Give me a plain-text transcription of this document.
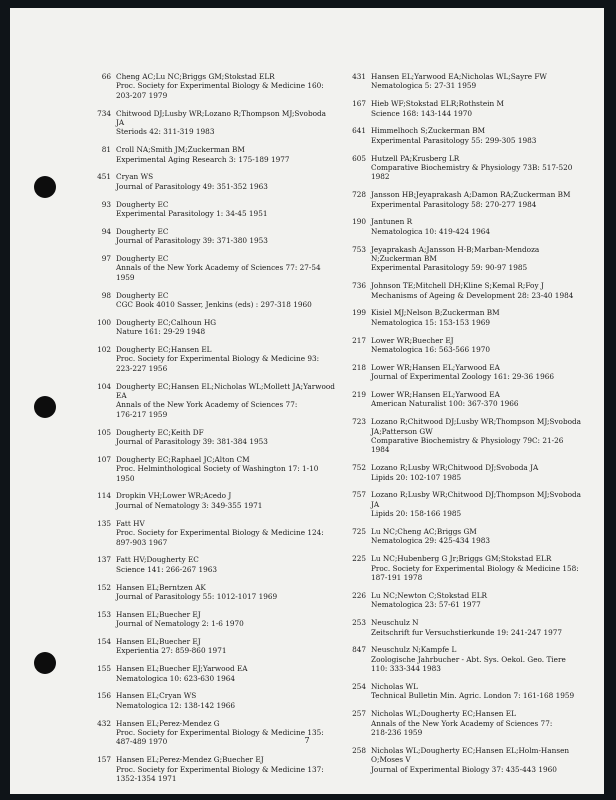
66 Cheng AC;Lu NC;Briggs GM;Stokstad ELR
Proc. Society for Experimental Biology & Medicine 160:
203-207 1979
734 Chitwood DJ;Lusby WR;Lozano R;Thompson MJ;Svoboda
JA
Steriods 42: 311-319 1983
81 Croll NA;Smith JM;Zuckerman BM
Experimental Aging Research 3: 175-189 1977
451 Cryan WS
Journal of Parasitology 49: 351-352 1963
93 Dougherty EC
Experimental Parasitology 1: 34-45 1951
94 Dougherty EC
Journal of Parasitology 39: 371-380 1953
97 Dougherty EC
Annals of the New York Academy of Sciences 77: 27-54
1959
98 Dougherty EC
CGC Book 4010 Sasser, Jenkins (eds) : 297-318 1960
100 Dougherty EC;Calhoun HG
Nature 161: 29-29 1948
102 Dougherty EC;Hansen EL
Proc. Society for Experimental Biology & Medicine 93:
223-227 1956
104 Dougherty EC;Hansen EL;Nicholas WL;Mollett JA;Yarwood
EA
Annals of the New York Academy of Sciences 77:
176-217 1959
105 Dougherty EC;Keith DF
Journal of Parasitology 39: 381-384 1953
107 Dougherty EC;Raphael JC;Alton CM
Proc. Helminthological Society of Washington 17: 1-10
1950
114 Dropkin VH;Lower WR;Acedo J
Journal of Nematology 3: 349-355 1971
135 Fatt HV
Proc. Society for Experimental Biology & Medicine 124:
897-903 1967
137 Fatt HV;Dougherty EC
Science 141: 266-267 1963
152 Hansen EL;Berntzen AK
Journal of Parasitology 55: 1012-1017 1969
153 Hansen EL;Buecher EJ
Journal of Nematology 2: 1-6 1970
154 Hansen EL;Buecher EJ
Experientia 27: 859-860 1971
155 Hansen EL;Buecher EJ;Yarwood EA
Nematologica 10: 623-630 1964
156 Hansen EL;Cryan WS
Nematologica 12: 138-142 1966
432 Hansen EL;Perez-Mendez G
Proc. Society for Experimental Biology & Medicine 135:
487-489 1970
157 Hansen EL;Perez-Mendez G;Buecher EJ
Proc. Society for Experimental Biology & Medicine 137:
1352-1354 1971
431 Hansen EL;Yarwood EA;Nicholas WL;Sayre FW
Nematologica 5: 27-31 1959
167 Hieb WF;Stokstad ELR;Rothstein M
Science 168: 143-144 1970
641 Himmelhoch S;Zuckerman BM
Experimental Parasitology 55: 299-305 1983
605 Hutzell PA;Krusberg LR
Comparative Biochemistry & Physiology 73B: 517-520
1982
728 Jansson HB;Jeyaprakash A;Damon RA;Zuckerman BM
Experimental Parasitology 58: 270-277 1984
190 Jantunen R
Nematologica 10: 419-424 1964
753 Jeyaprakash A;Jansson H-B;Marban-Mendoza
N;Zuckerman BM
Experimental Parasitology 59: 90-97 1985
736 Johnson TE;Mitchell DH;Kline S;Kemal R;Foy J
Mechanisms of Ageing & Development 28: 23-40 1984
199 Kisiel MJ;Nelson B;Zuckerman BM
Nematologica 15: 153-153 1969
217 Lower WR;Buecher EJ
Nematologica 16: 563-566 1970
218 Lower WR;Hansen EL;Yarwood EA
Journal of Experimental Zoology 161: 29-36 1966
219 Lower WR;Hansen EL;Yarwood EA
American Naturalist 100: 367-370 1966
723 Lozano R;Chitwood DJ;Lusby WR;Thompson MJ;Svoboda
JA;Patterson GW
Comparative Biochemistry & Physiology 79C: 21-26
1984
752 Lozano R;Lusby WR;Chitwood DJ;Svoboda JA
Lipids 20: 102-107 1985
757 Lozano R;Lusby WR;Chitwood DJ;Thompson MJ;Svoboda
JA
Lipids 20: 158-166 1985
725 Lu NC;Cheng AC;Briggs GM
Nematologica 29: 425-434 1983
225 Lu NC;Hubenberg G Jr;Briggs GM;Stokstad ELR
Proc. Society for Experimental Biology & Medicine 158:
187-191 1978
226 Lu NC;Newton C;Stokstad ELR
Nematologica 23: 57-61 1977
253 Neuschulz N
Zeitschrift fur Versuchstierkunde 19: 241-247 1977
847 Neuschulz N;Kampfe L
Zoologische Jahrbucher - Abt. Sys. Oekol. Geo. Tiere
110: 333-344 1983
254 Nicholas WL
Technical Bulletin Min. Agric. London 7: 161-168 1959
257 Nicholas WL;Dougherty EC;Hansen EL
Annals of the New York Academy of Sciences 77:
218-236 1959
258 Nicholas WL;Dougherty EC;Hansen EL;Holm-Hansen
O;Moses V
Journal of Experimental Biology 37: 435-443 1960
7
